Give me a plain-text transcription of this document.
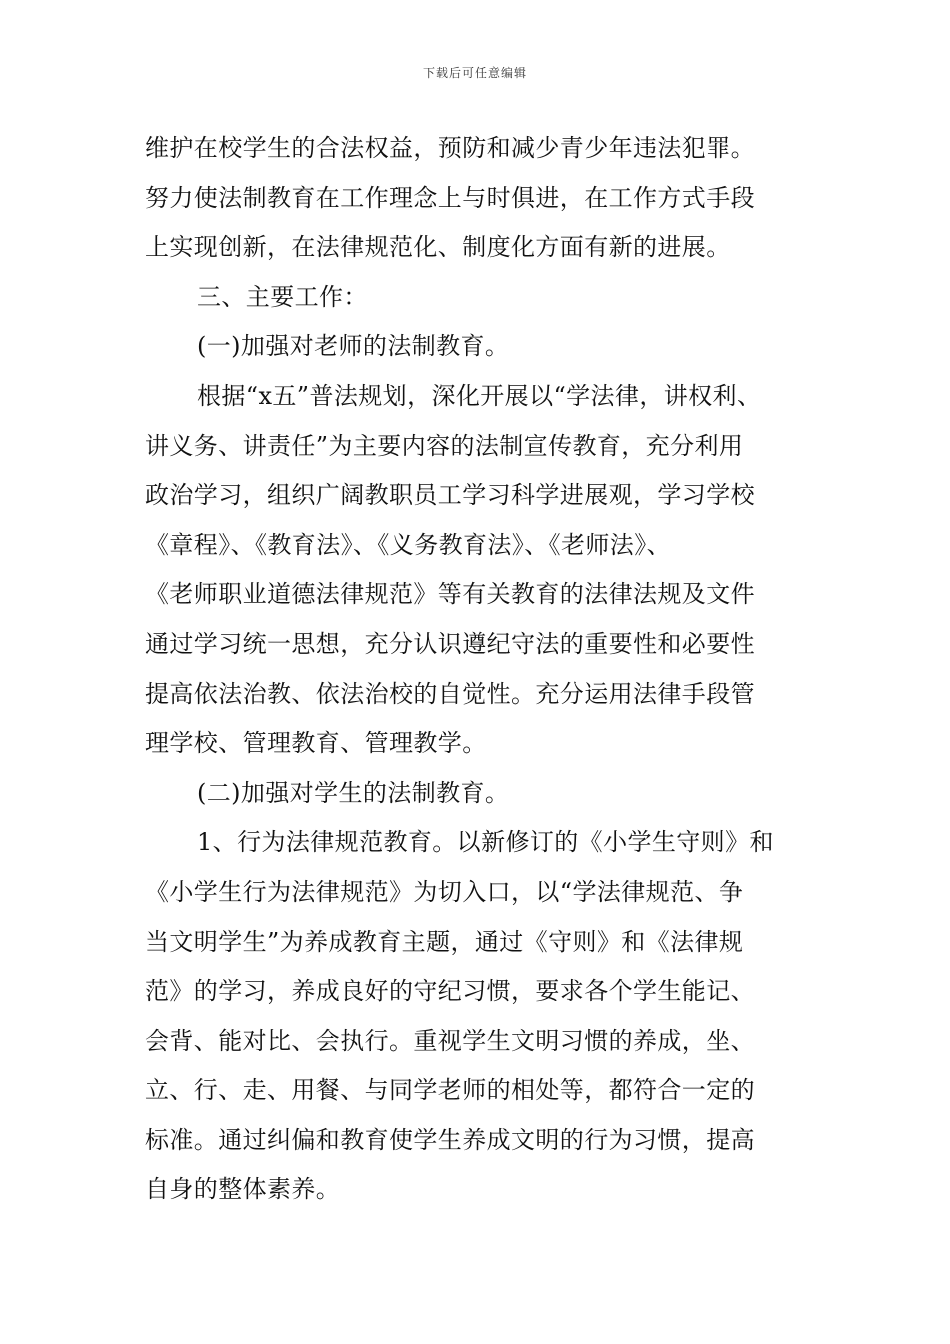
下载后可任意编辑
维护在校学生的合法权益，预防和减少青少年违法犯罪。
努力使法制教育在工作理念上与时俱进，在工作方式手段
上实现创新，在法律规范化、制度化方面有新的进展。
三、主要工作：
(一)加强对老师的法制教育。
根据“x五”普法规划，深化开展以“学法律，讲权利、
讲义务、讲责任”为主要内容的法制宣传教育，充分利用
政治学习，组织广阔教职员工学习科学进展观，学习学校
《章程》、《教育法》、《义务教育法》、《老师法》、
《老师职业道德法律规范》等有关教育的法律法规及文件
通过学习统一思想，充分认识遵纪守法的重要性和必要性
提高依法治教、依法治校的自觉性。充分运用法律手段管
理学校、管理教育、管理教学。
(二)加强对学生的法制教育。
1、行为法律规范教育。以新修订的《小学生守则》和
《小学生行为法律规范》为切入口，以“学法律规范、争
当文明学生”为养成教育主题，通过《守则》和《法律规
范》的学习，养成良好的守纪习惯，要求各个学生能记、
会背、能对比、会执行。重视学生文明习惯的养成，坐、
立、行、走、用餐、与同学老师的相处等，都符合一定的
标准。通过纠偏和教育使学生养成文明的行为习惯，提高
自身的整体素养。
